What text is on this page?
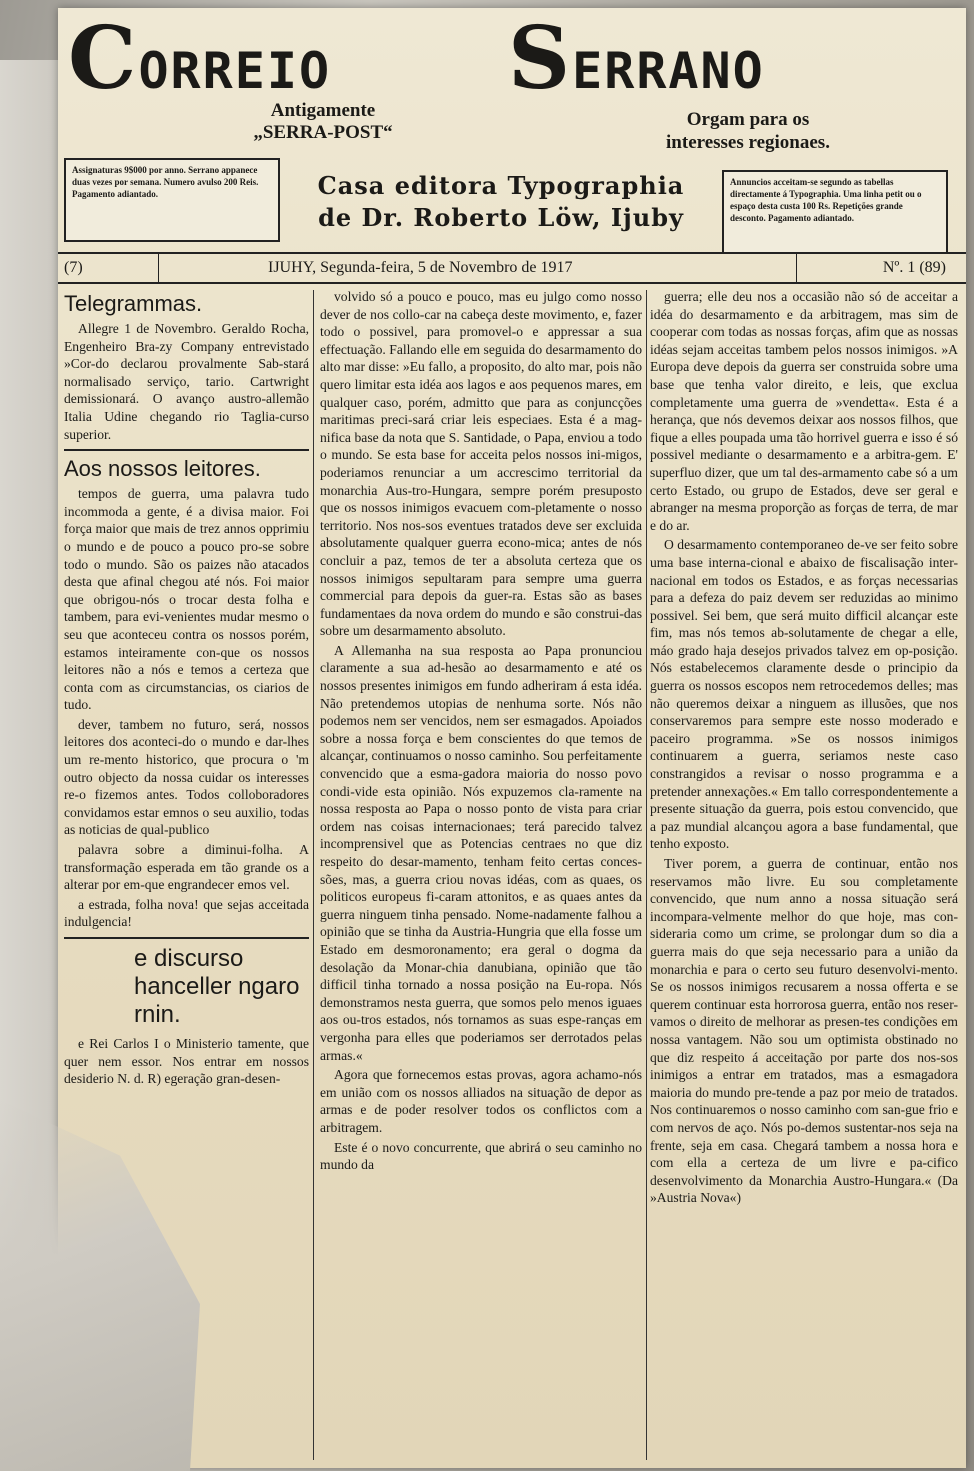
CORREIO SERRANO
Antigamente
„SERRA-POST“
Orgam para os
interesses regionaes.
Assignaturas 9$000 por anno. Serrano appanece duas vezes por semana. Numero avulso 200 Reis. Pagamento adiantado.	Casa editora Typographia
de Dr. Roberto Löw, Ijuby
Annuncios acceitam-se segundo as tabellas directamente á Typographia. Uma linha petit ou o espaço desta custa 100 Rs. Repetições grande desconto. Pagamento adiantado.
(7)	IJUHY, Segunda-feira, 5 de Novembro de 1917	Nº. 1 (89)
Telegrammas.

Allegre 1 de Novembro. Geraldo Rocha, Engenheiro Bra-zy Company entrevistado »Cor-do declarou provalmente Sab-stará normalisado serviço, tario. Cartwright demissionará. O avanço austro-allemão Italia Udine chegando rio Taglia-curso superior.

Aos nossos leitores.

tempos de guerra, uma palavra tudo incommoda a gente, é a divisa maior. Foi força maior que mais de trez annos opprimiu o mundo e de pouco a pouco pro-se sobre todo o mundo. São os paizes não atacados desta que afinal chegou até nós. Foi maior que obrigou-nós o trocar desta folha e tambem, para evi-venientes mudar mesmo o seu que aconteceu contra os nossos porém, estamos inteiramente con-que os nossos leitores não a nós e temos a certeza que conta com as circumstancias, os ciarios de tudo.

dever, tambem no futuro, será, nossos leitores dos aconteci-do o mundo e dar-lhes um re-mento historico, que procura o 'm outro objecto da nossa cuidar os interesses re-o fizemos antes. Todos colloboradores convidamos estar emnos o seu auxilio, todas as noticias de qual-publico

palavra sobre a diminui-folha. A transformação esperada em tão grande os a alterar por em-que engrandecer emos vel.

a estrada, folha nova! que sejas acceitada indulgencia!

e discurso hanceller ngaro rnin.

e Rei Carlos I o Ministerio tamente, que quer nem essor. Nos entrar em nossos desiderio N. d. R) egeração gran-desen-

volvido só a pouco e pouco, mas eu julgo como nosso dever de nos collo-car na cabeça deste movimento, e, fazer todo o possivel, para promovel-o e appressar a sua effectuação. Fallando elle em seguida do desarmamento do alto mar disse: »Eu fallo, a proposito, do alto mar, pois não quero limitar esta idéa aos lagos e aos pequenos mares, em qualquer caso, porém, admitto que para as conjuncções maritimas preci-sará criar leis especiaes. Esta é a mag-nifica base da nota que S. Santidade, o Papa, enviou a todo o mundo. Se esta base for acceita pelos nossos ini-migos, poderiamos renunciar a um accrescimo territorial da monarchia Aus-tro-Hungara, sempre porém presuposto que os nossos inimigos evacuem com-pletamente o nosso territorio. Nos nos-sos eventues tratados deve ser excluida absolutamente qualquer guerra econo-mica; antes de nós concluir a paz, temos de ter a absoluta certeza que os nossos inimigos sepultaram para sempre uma guerra commercial para depois da guer-ra. Estas são as bases fundamentaes da nova ordem do mundo e são construi-das sobre um desarmamento absoluto.

A Allemanha na sua resposta ao Papa pronunciou claramente a sua ad-hesão ao desarmamento e até os nossos presentes inimigos em fundo adheriram á esta idéa. Não pretendemos utopias de nenhuma sorte. Nós não podemos nem ser vencidos, nem ser esmagados. Apoiados sobre a nossa força e bem conscientes do que temos de alcançar, continuamos o nosso caminho. Sou perfeitamente convencido que a esma-gadora maioria do nosso povo condi-vide esta opinião. Nós expuzemos cla-ramente na nossa resposta ao Papa o nosso ponto de vista para criar ordem nas coisas internacionaes; terá parecido talvez incomprensivel que as Potencias centraes no que diz respeito do desar-mamento, tenham feito certas conces-sões, mas, a guerra criou novas idéas, com as quaes, os politicos europeus fi-caram attonitos, e as quaes antes da guerra ninguem tinha pensado. Nome-nadamente falhou a opinião que se tinha da Austria-Hungria que ella fosse um Estado em desmoronamento; era geral o dogma da desolação da Monar-chia danubiana, opinião que tão difficil tinha tornado a nossa posição na Eu-ropa. Nós demonstramos nesta guerra, que somos pelo menos iguaes aos ou-tros estados, nós tornamos as suas espe-ranças em vergonha para elles que poderiamos ser derrotados pelas armas.«

Agora que fornecemos estas provas, agora achamo-nós em união com os nossos alliados na situação de depor as armas e de poder resolver todos os conflictos com a arbitragem.

Este é o novo concurrente, que abrirá o seu caminho no mundo da

guerra; elle deu nos a occasião não só de acceitar a idéa do desarmamento e da arbitragem, mas sim de cooperar com todas as nossas forças, afim que as nossas idéas sejam acceitas tambem pelos nossos inimigos. »A Europa deve depois da guerra ser construida sobre uma base que tenha valor direito, e leis, que exclua completamente uma guerra de »vendetta«. Esta é a herança, que nós devemos deixar aos nossos filhos, que fique a elles poupada uma tão horrivel guerra e isso é só possivel mediante o desarmamento e a arbitra-gem. E' superfluo dizer, que um tal des-armamento cabe só a um certo Estado, ou grupo de Estados, deve ser geral e abranger na mesma proporção as forças de terra, de mar e do ar.

O desarmamento contemporaneo de-ve ser feito sobre uma base interna-cional e abaixo de fiscalisação inter-nacional em todos os Estados, e as forças necessarias para a defeza do paiz devem ser reduzidas ao minimo possivel. Sei bem, que será muito difficil alcançar este fim, mas nós temos ab-solutamente de chegar a elle, máo grado haja desejos privados talvez em op-posição. Nós estabelecemos claramente desde o principio da guerra os nossos escopos nem retrocedemos delles; mas não queremos deixar a ninguem as illusões, que nos conservaremos para sempre este nosso moderado e paceiro programma. »Se os nossos inimigos continuarem a guerra, seriamos neste caso constrangidos a revisar o nosso programma e a pretender annexações.« Em tallo correspondentemente a presente situação da guerra, pois estou convencido, que a paz mundial alcançou agora a base fundamental, que tenho exposto.

Tiver porem, a guerra de continuar, então nos reservamos mão livre. Eu sou completamente convencido, que num anno a nossa situação será incompara-velmente melhor do que hoje, mas con-sideraria como um crime, se prolongar dum so dia a guerra mais do que seja necessario para a união da monarchia e para o certo seu futuro desenvolvi-mento. Se os nossos inimigos recusarem a nossa offerta e se querem continuar esta horrorosa guerra, então nos reser-vamos o direito de melhorar as presen-tes condições em nossa vantagem. Não sou um optimista obstinado no que diz respeito á acceitação por parte dos nos-sos inimigos a entrar em tratados, mas a esmagadora maioria do mundo pre-tende a paz por meio de tratados. Nos continuaremos o nosso caminho com san-gue frio e com nervos de aço. Nós po-demos sustentar-nos seja na frente, seja em casa. Chegará tambem a nossa hora e com ella a certeza de um livre e pa-cifico desenvolvimento da Monarchia Austro-Hungara.« (Da »Austria Nova«)
